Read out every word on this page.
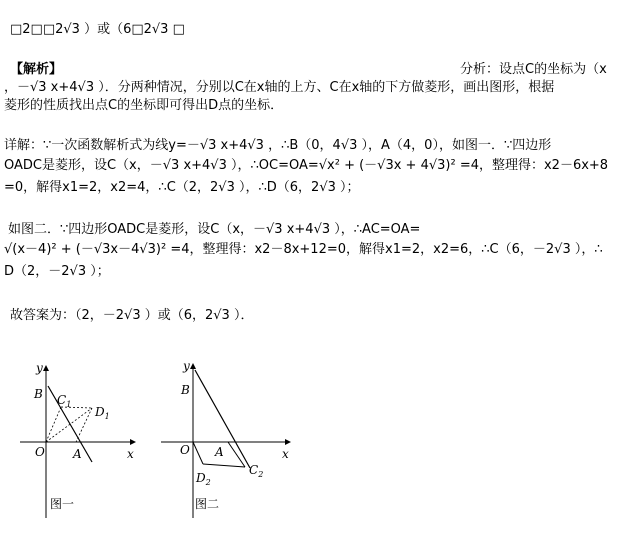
□2□□2√3 ）或（6□2√3 □
【解析】	分析：设点C的坐标为（x
，－√3 x+4√3 ）．分两种情况，分别以C在x轴的上方、C在x轴的下方做菱形，画出图形，根据
菱形的性质找出点C的坐标即可得出D点的坐标．
详解：∵一次函数解析式为线y=－√3 x+4√3 ，∴B（0，4√3 ），A（4，0），如图一．∵四边形
OADC是菱形，设C（x，－√3 x+4√3 ），∴OC=OA=√x² + (－√3x + 4√3)² =4，整理得：x2－6x+8
=0，解得x1=2，x2=4，∴C（2，2√3 ），∴D（6，2√3 ）；
如图二．∵四边形OADC是菱形，设C（x，－√3 x+4√3 ），∴AC=OA=
√(x－4)² + (－√3x－4√3)² =4，整理得：x2－8x+12=0，解得x1=2，x2=6，∴C（6，－2√3 ），∴
D（2，－2√3 ）；
故答案为：（2，－2√3 ）或（6，2√3 ）．
y
x
O A
B $C_1$
$D_1$
图一
y
x
O A
B
$C_2$
$D_2$
图二
